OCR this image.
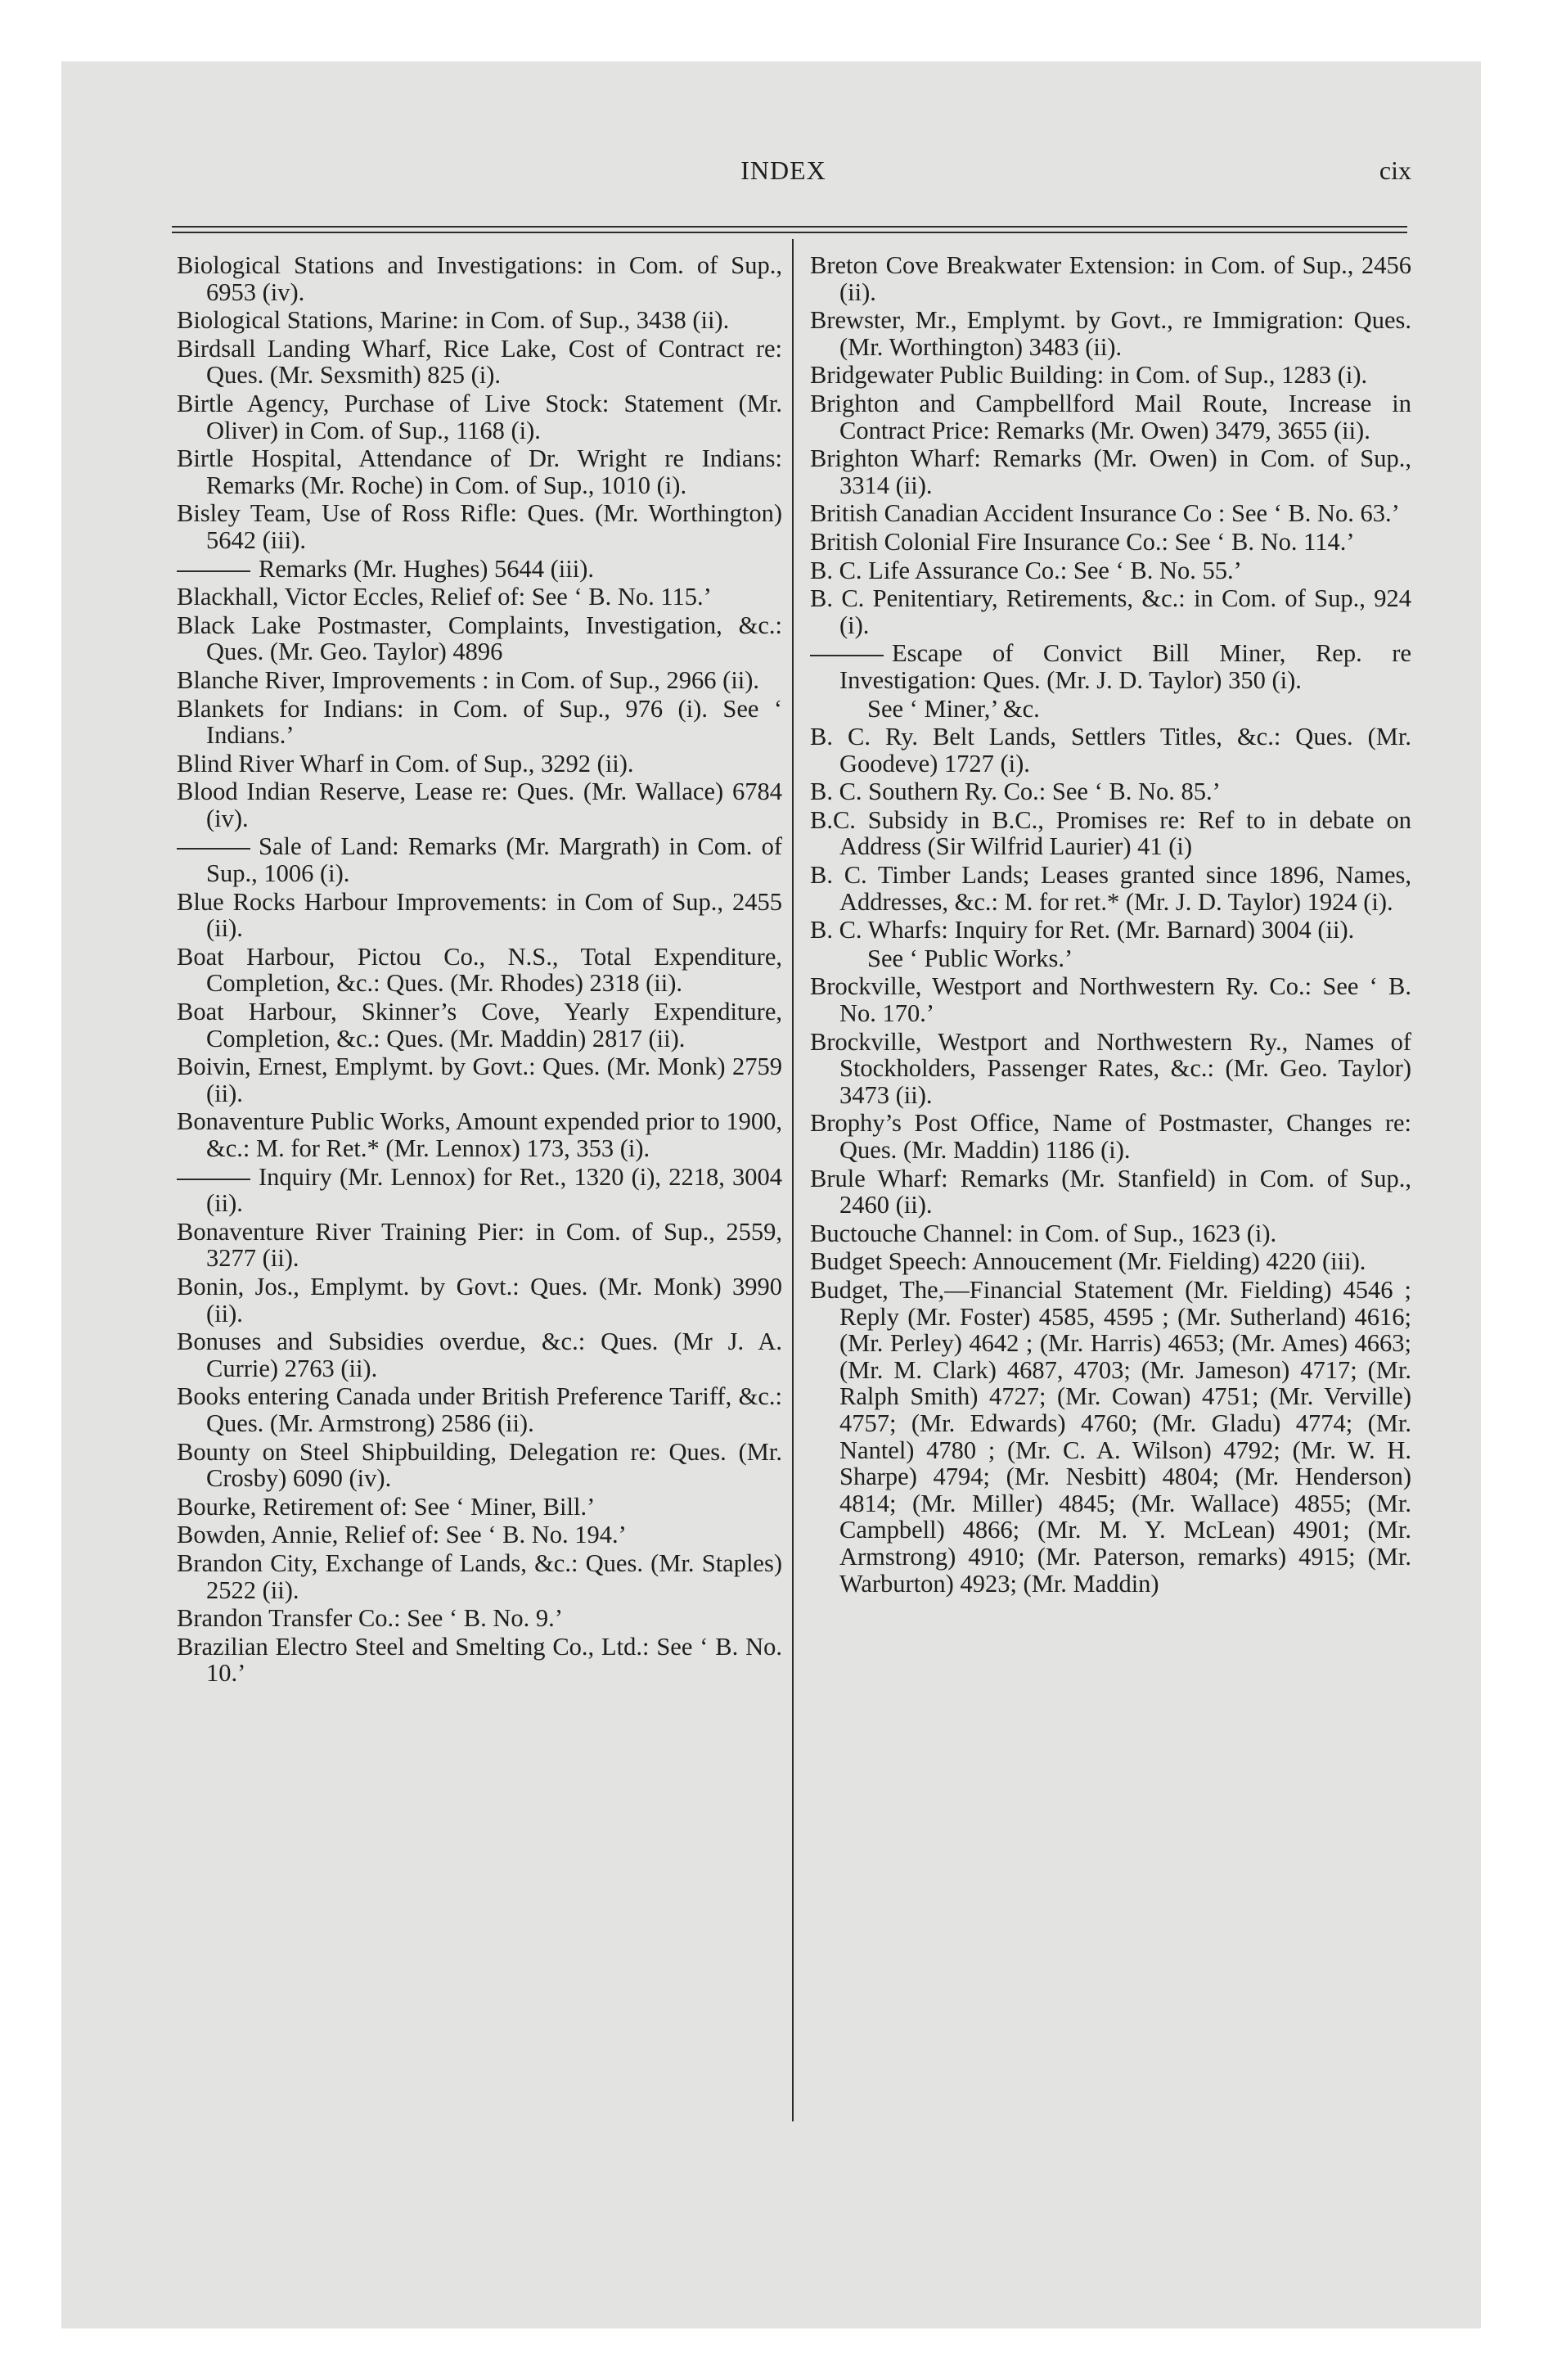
INDEX	cix
Biological Stations and Investigations: in Com. of Sup., 6953 (iv).
Biological Stations, Marine: in Com. of Sup., 3438 (ii).
Birdsall Landing Wharf, Rice Lake, Cost of Contract re: Ques. (Mr. Sexsmith) 825 (i).
Birtle Agency, Purchase of Live Stock: Statement (Mr. Oliver) in Com. of Sup., 1168 (i).
Birtle Hospital, Attendance of Dr. Wright re Indians: Remarks (Mr. Roche) in Com. of Sup., 1010 (i).
Bisley Team, Use of Ross Rifle: Ques. (Mr. Worthington) 5642 (iii).
Remarks (Mr. Hughes) 5644 (iii).
Blackhall, Victor Eccles, Relief of: See ‘ B. No. 115.’
Black Lake Postmaster, Complaints, Investigation, &c.: Ques. (Mr. Geo. Taylor) 4896
Blanche River, Improvements : in Com. of Sup., 2966 (ii).
Blankets for Indians: in Com. of Sup., 976 (i). See ‘ Indians.’
Blind River Wharf in Com. of Sup., 3292 (ii).
Blood Indian Reserve, Lease re: Ques. (Mr. Wallace) 6784 (iv).
Sale of Land: Remarks (Mr. Margrath) in Com. of Sup., 1006 (i).
Blue Rocks Harbour Improvements: in Com of Sup., 2455 (ii).
Boat Harbour, Pictou Co., N.S., Total Expenditure, Completion, &c.: Ques. (Mr. Rhodes) 2318 (ii).
Boat Harbour, Skinner’s Cove, Yearly Expenditure, Completion, &c.: Ques. (Mr. Maddin) 2817 (ii).
Boivin, Ernest, Emplymt. by Govt.: Ques. (Mr. Monk) 2759 (ii).
Bonaventure Public Works, Amount expended prior to 1900, &c.: M. for Ret.* (Mr. Lennox) 173, 353 (i).
Inquiry (Mr. Lennox) for Ret., 1320 (i), 2218, 3004 (ii).
Bonaventure River Training Pier: in Com. of Sup., 2559, 3277 (ii).
Bonin, Jos., Emplymt. by Govt.: Ques. (Mr. Monk) 3990 (ii).
Bonuses and Subsidies overdue, &c.: Ques. (Mr J. A. Currie) 2763 (ii).
Books entering Canada under British Preference Tariff, &c.: Ques. (Mr. Armstrong) 2586 (ii).
Bounty on Steel Shipbuilding, Delegation re: Ques. (Mr. Crosby) 6090 (iv).
Bourke, Retirement of: See ‘ Miner, Bill.’
Bowden, Annie, Relief of: See ‘ B. No. 194.’
Brandon City, Exchange of Lands, &c.: Ques. (Mr. Staples) 2522 (ii).
Brandon Transfer Co.: See ‘ B. No. 9.’
Brazilian Electro Steel and Smelting Co., Ltd.: See ‘ B. No. 10.’
Breton Cove Breakwater Extension: in Com. of Sup., 2456 (ii).
Brewster, Mr., Emplymt. by Govt., re Immigration: Ques. (Mr. Worthington) 3483 (ii).
Bridgewater Public Building: in Com. of Sup., 1283 (i).
Brighton and Campbellford Mail Route, Increase in Contract Price: Remarks (Mr. Owen) 3479, 3655 (ii).
Brighton Wharf: Remarks (Mr. Owen) in Com. of Sup., 3314 (ii).
British Canadian Accident Insurance Co : See ‘ B. No. 63.’
British Colonial Fire Insurance Co.: See ‘ B. No. 114.’
B. C. Life Assurance Co.: See ‘ B. No. 55.’
B. C. Penitentiary, Retirements, &c.: in Com. of Sup., 924 (i).
Escape of Convict Bill Miner, Rep. re Investigation: Ques. (Mr. J. D. Taylor) 350 (i).
See ‘ Miner,’ &c.
B. C. Ry. Belt Lands, Settlers Titles, &c.: Ques. (Mr. Goodeve) 1727 (i).
B. C. Southern Ry. Co.: See ‘ B. No. 85.’
B.C. Subsidy in B.C., Promises re: Ref to in debate on Address (Sir Wilfrid Laurier) 41 (i)
B. C. Timber Lands; Leases granted since 1896, Names, Addresses, &c.: M. for ret.* (Mr. J. D. Taylor) 1924 (i).
B. C. Wharfs: Inquiry for Ret. (Mr. Barnard) 3004 (ii).
See ‘ Public Works.’
Brockville, Westport and Northwestern Ry. Co.: See ‘ B. No. 170.’
Brockville, Westport and Northwestern Ry., Names of Stockholders, Passenger Rates, &c.: (Mr. Geo. Taylor) 3473 (ii).
Brophy’s Post Office, Name of Postmaster, Changes re: Ques. (Mr. Maddin) 1186 (i).
Brule Wharf: Remarks (Mr. Stanfield) in Com. of Sup., 2460 (ii).
Buctouche Channel: in Com. of Sup., 1623 (i).
Budget Speech: Annoucement (Mr. Fielding) 4220 (iii).
Budget, The,—Financial Statement (Mr. Fielding) 4546 ; Reply (Mr. Foster) 4585, 4595 ; (Mr. Sutherland) 4616; (Mr. Perley) 4642 ; (Mr. Harris) 4653; (Mr. Ames) 4663; (Mr. M. Clark) 4687, 4703; (Mr. Jameson) 4717; (Mr. Ralph Smith) 4727; (Mr. Cowan) 4751; (Mr. Verville) 4757; (Mr. Edwards) 4760; (Mr. Gladu) 4774; (Mr. Nantel) 4780 ; (Mr. C. A. Wilson) 4792; (Mr. W. H. Sharpe) 4794; (Mr. Nesbitt) 4804; (Mr. Henderson) 4814; (Mr. Miller) 4845; (Mr. Wallace) 4855; (Mr. Campbell) 4866; (Mr. M. Y. McLean) 4901; (Mr. Armstrong) 4910; (Mr. Paterson, remarks) 4915; (Mr. Warburton) 4923; (Mr. Maddin)
